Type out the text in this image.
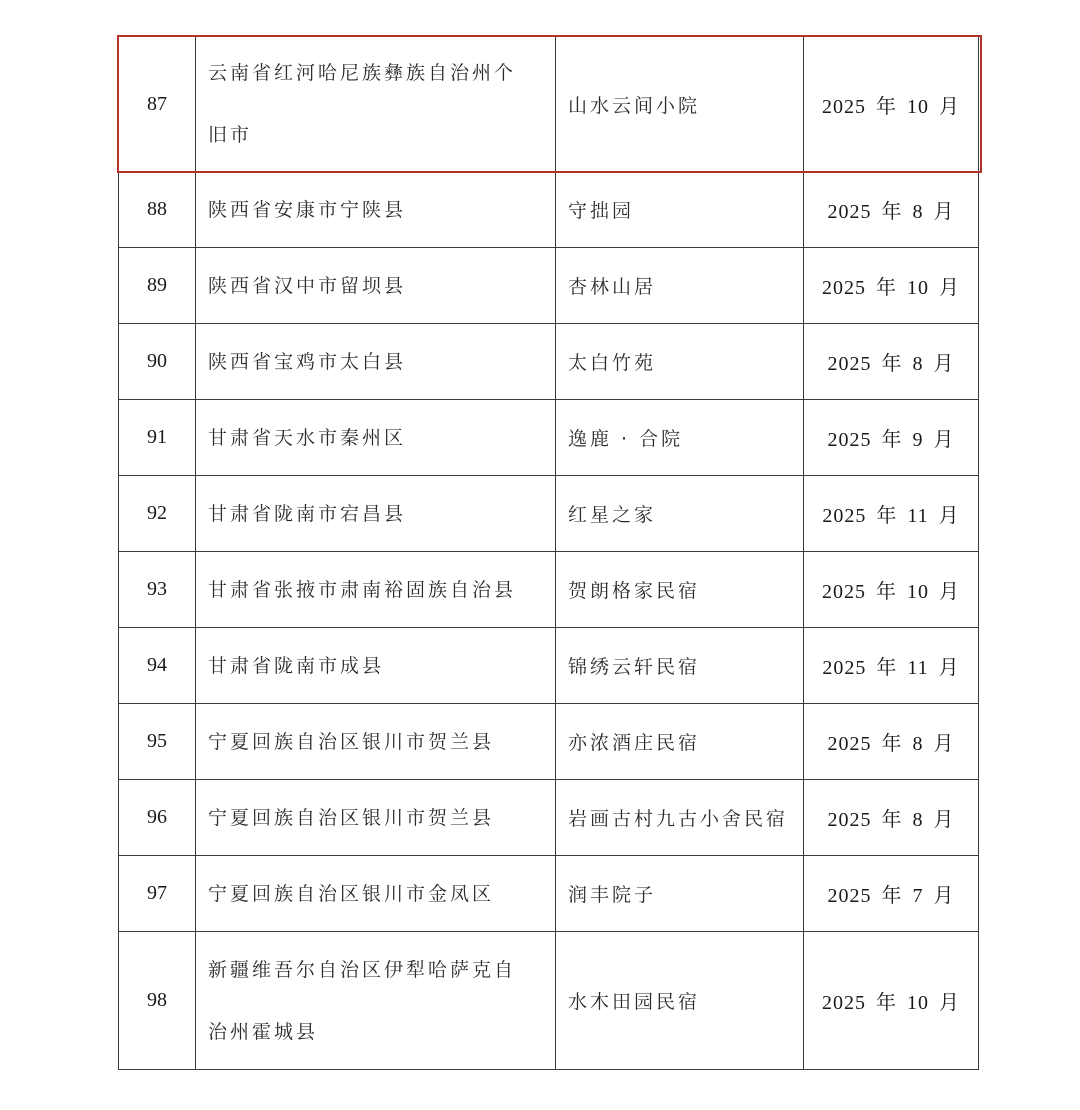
87	云南省红河哈尼族彝族自治州个旧市	山水云间小院	2025 年 10 月
88	陕西省安康市宁陕县	守拙园	2025 年 8 月
89	陕西省汉中市留坝县	杏林山居	2025 年 10 月
90	陕西省宝鸡市太白县	太白竹苑	2025 年 8 月
91	甘肃省天水市秦州区	逸鹿 · 合院	2025 年 9 月
92	甘肃省陇南市宕昌县	红星之家	2025 年 11 月
93	甘肃省张掖市肃南裕固族自治县	贺朗格家民宿	2025 年 10 月
94	甘肃省陇南市成县	锦绣云轩民宿	2025 年 11 月
95	宁夏回族自治区银川市贺兰县	亦浓酒庄民宿	2025 年 8 月
96	宁夏回族自治区银川市贺兰县	岩画古村九古小舍民宿	2025 年 8 月
97	宁夏回族自治区银川市金凤区	润丰院子	2025 年 7 月
98	新疆维吾尔自治区伊犁哈萨克自治州霍城县	水木田园民宿	2025 年 10 月
